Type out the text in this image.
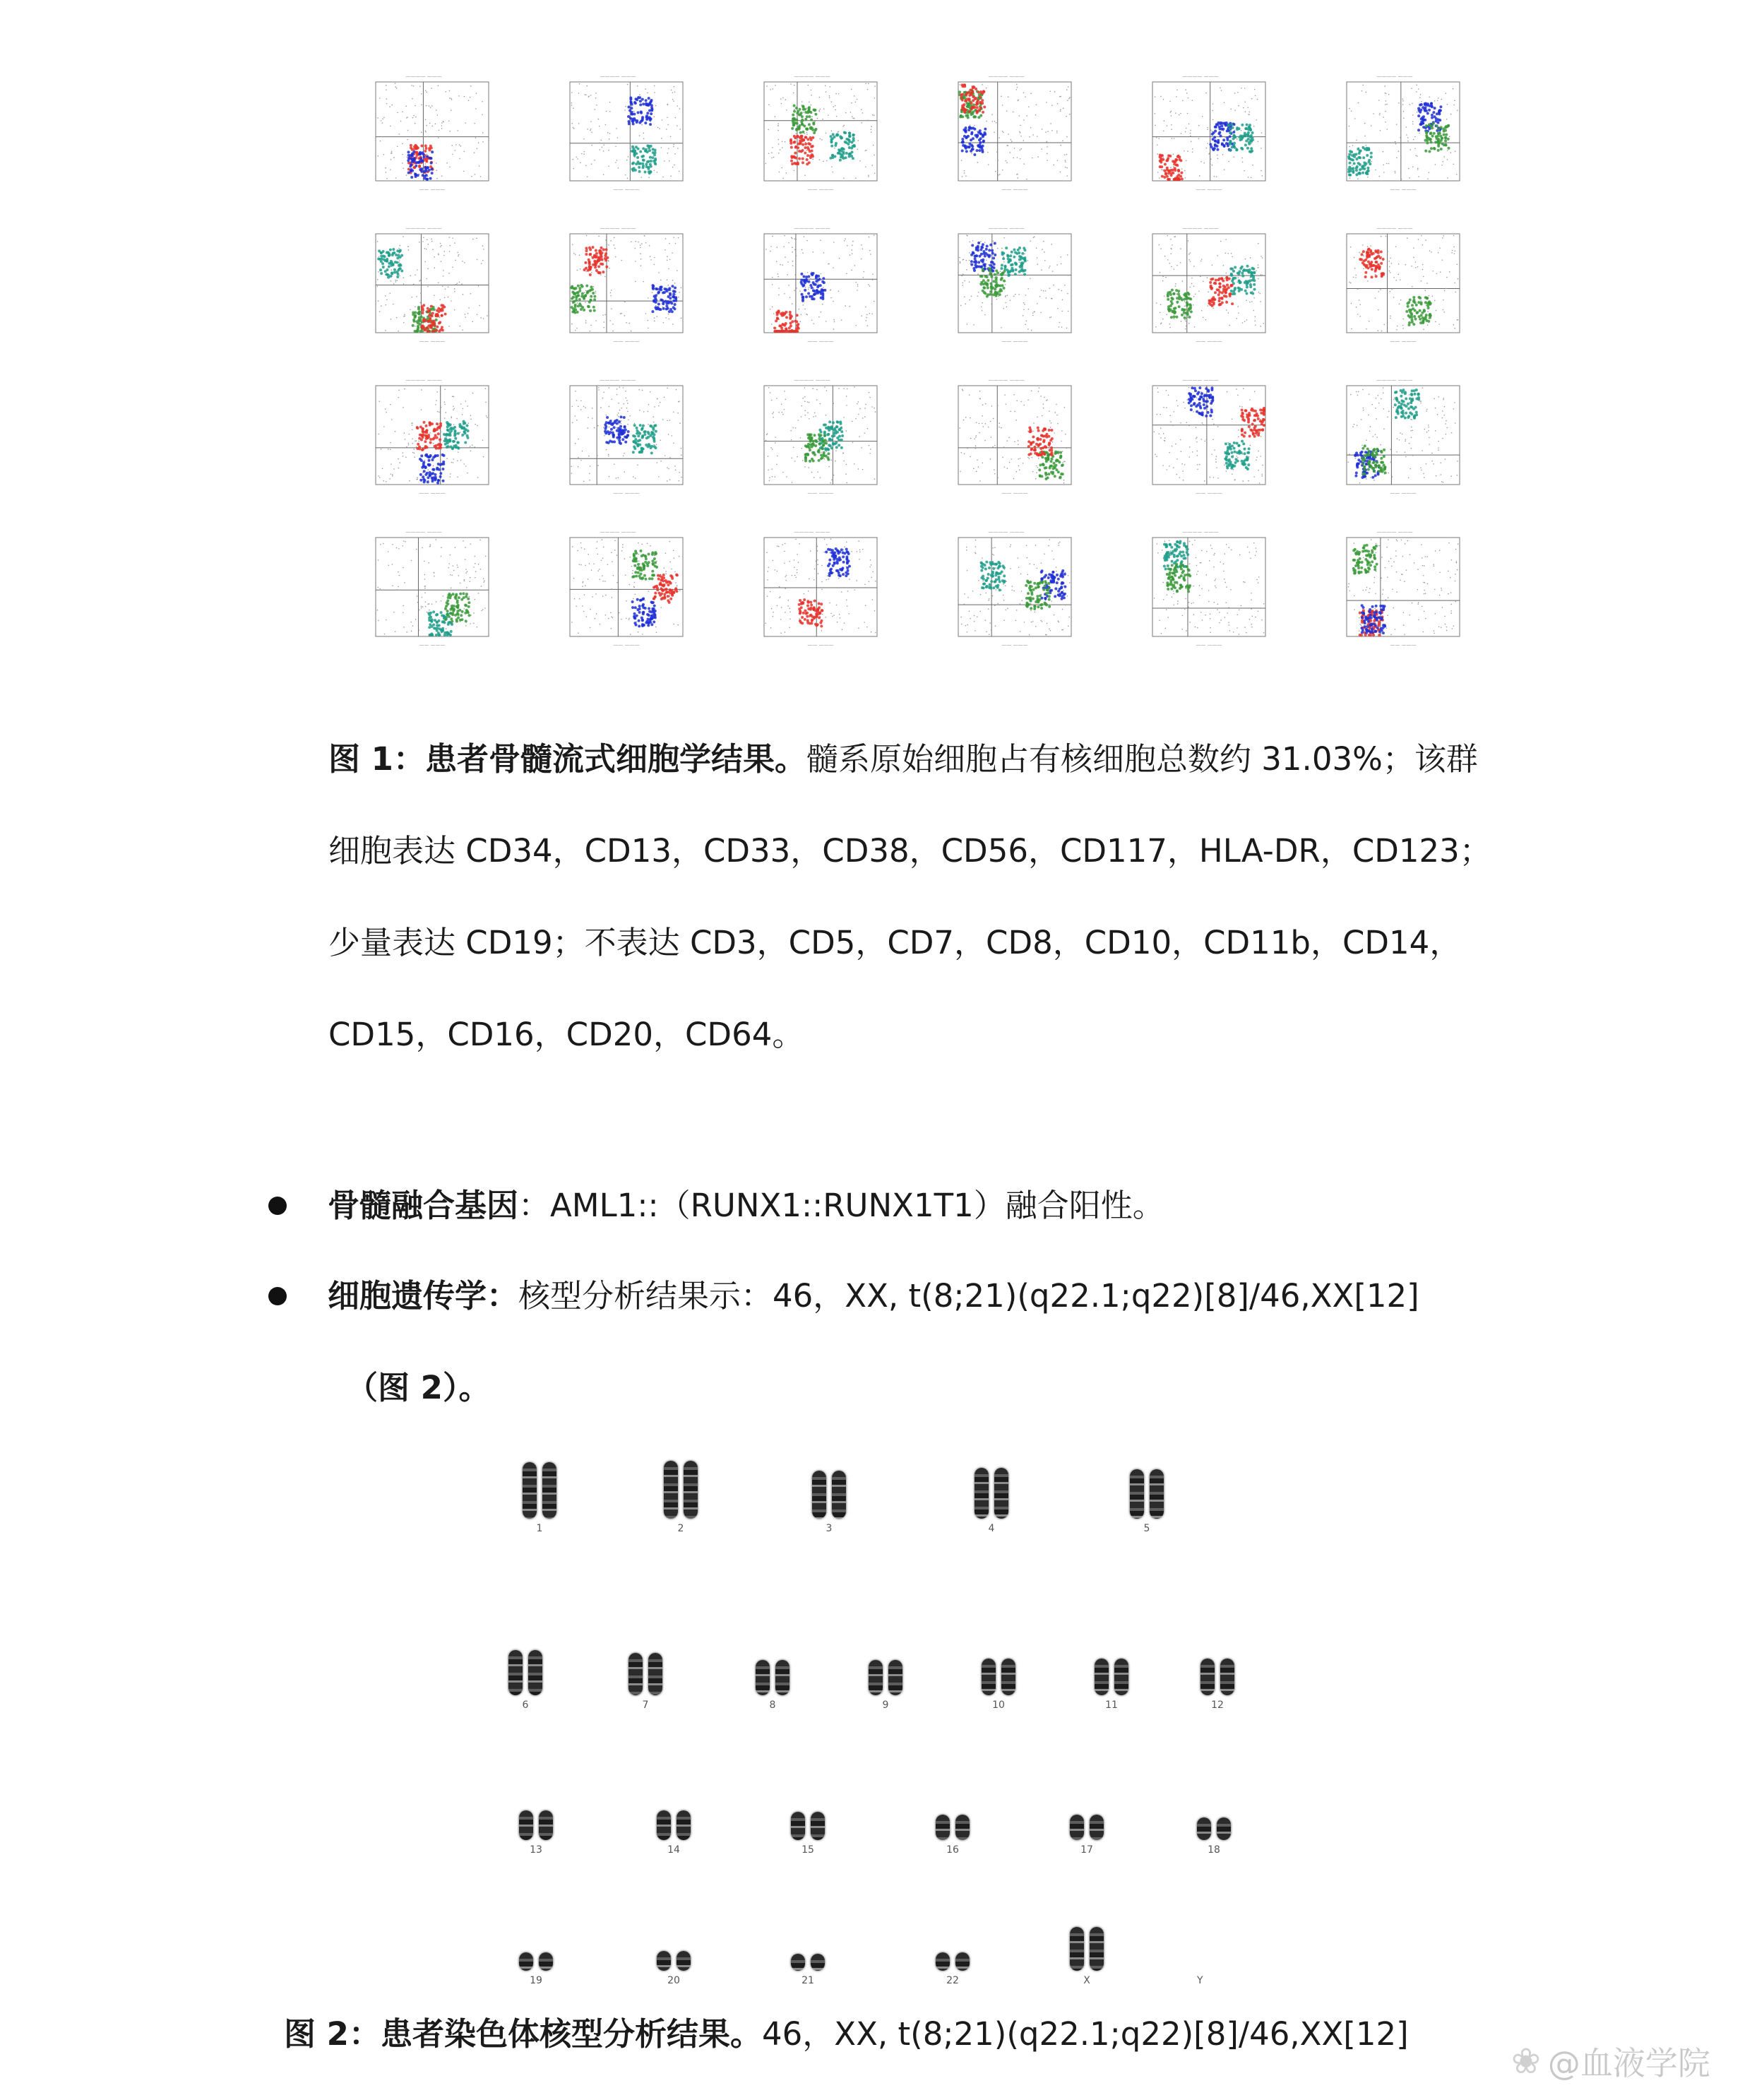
———— ———
—— ———
———— ———
—— ———
———— ———
—— ———
———— ———
—— ———
———— ———
—— ———
———— ———
—— ———
———— ———
—— ———
———— ———
—— ———
———— ———
—— ———
———— ———
—— ———
———— ———
—— ———
———— ———
—— ———
———— ———
—— ———
———— ———
—— ———
———— ———
—— ———
———— ———
—— ———
———— ———
—— ———
———— ———
—— ———
———— ———
—— ———
———— ———
—— ———
———— ———
—— ———
———— ———
—— ———
———— ———
—— ———
———— ———
—— ———

图 1：患者骨髓流式细胞学结果。髓系原始细胞占有核细胞总数约 31.03%；该群细胞表达 CD34，CD13，CD33，CD38，CD56，CD117，HLA-DR，CD123；少量表达 CD19；不表达 CD3，CD5，CD7，CD8，CD10，CD11b，CD14，CD15，CD16，CD20，CD64。

骨髓融合基因：AML1::（RUNX1::RUNX1T1）融合阳性。
细胞遗传学：核型分析结果示：46，XX, t(8;21)(q22.1;q22)[8]/46,XX[12]
（图 2）。
1	2	3	4	5
6	7	8	9	10	11	12
13	14	15	16	17	18
19	20	21	22	X	Y

图 2：患者染色体核型分析结果。46，XX, t(8;21)(q22.1;q22)[8]/46,XX[12]

❀ @血液学院
